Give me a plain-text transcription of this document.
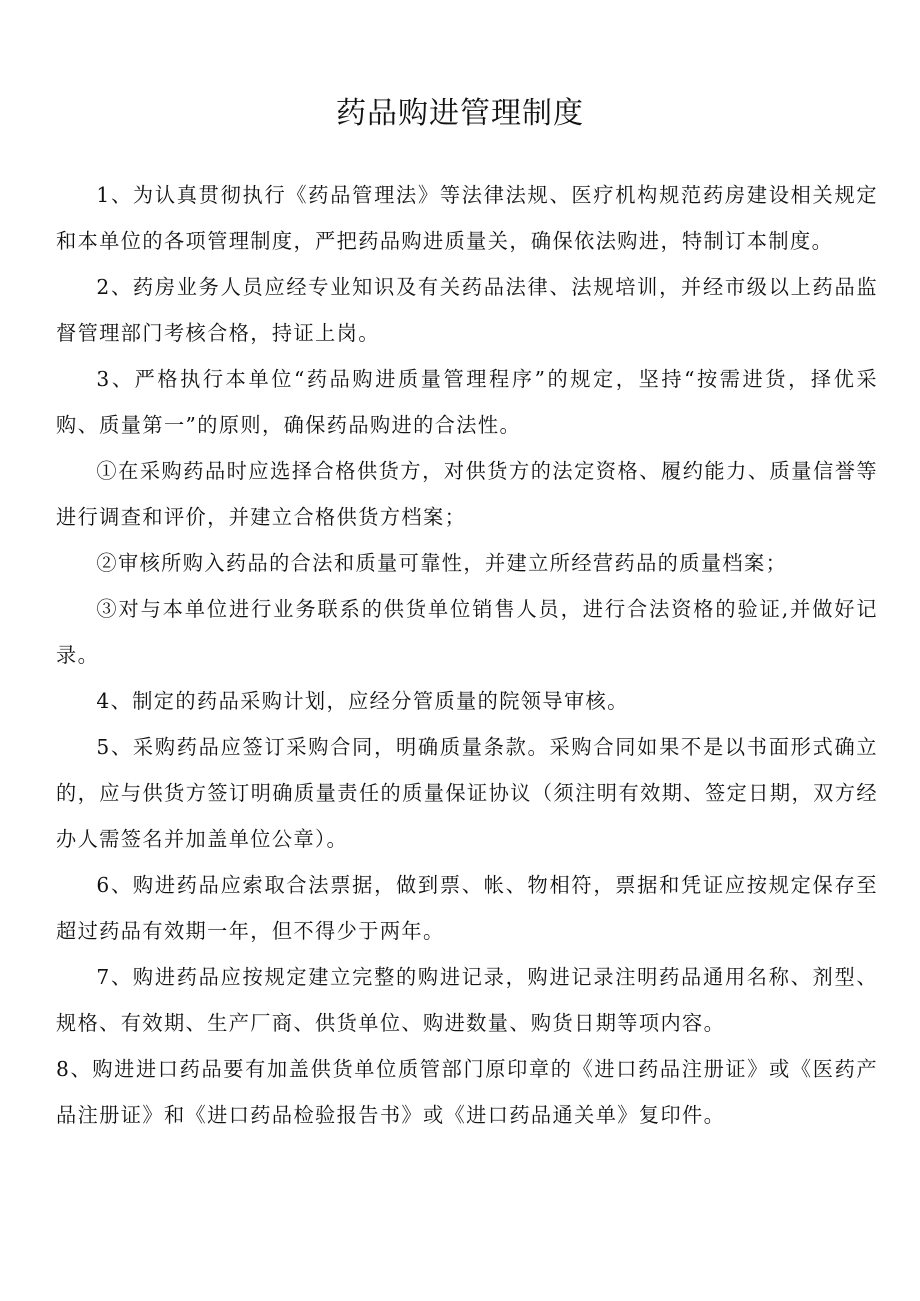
药品购进管理制度

1、为认真贯彻执行《药品管理法》等法律法规、医疗机构规范药房建设相关规定和本单位的各项管理制度，严把药品购进质量关，确保依法购进，特制订本制度。

2、药房业务人员应经专业知识及有关药品法律、法规培训，并经市级以上药品监督管理部门考核合格，持证上岗。

3、严格执行本单位“药品购进质量管理程序”的规定，坚持“按需进货，择优采购、质量第一”的原则，确保药品购进的合法性。

①在采购药品时应选择合格供货方，对供货方的法定资格、履约能力、质量信誉等进行调查和评价，并建立合格供货方档案；

②审核所购入药品的合法和质量可靠性，并建立所经营药品的质量档案；

③对与本单位进行业务联系的供货单位销售人员，进行合法资格的验证,并做好记录。

4、制定的药品采购计划，应经分管质量的院领导审核。

5、采购药品应签订采购合同，明确质量条款。采购合同如果不是以书面形式确立的，应与供货方签订明确质量责任的质量保证协议（须注明有效期、签定日期，双方经办人需签名并加盖单位公章）。

6、购进药品应索取合法票据，做到票、帐、物相符，票据和凭证应按规定保存至超过药品有效期一年，但不得少于两年。

7、购进药品应按规定建立完整的购进记录，购进记录注明药品通用名称、剂型、规格、有效期、生产厂商、供货单位、购进数量、购货日期等项内容。

8、购进进口药品要有加盖供货单位质管部门原印章的《进口药品注册证》或《医药产品注册证》和《进口药品检验报告书》或《进口药品通关单》复印件。
